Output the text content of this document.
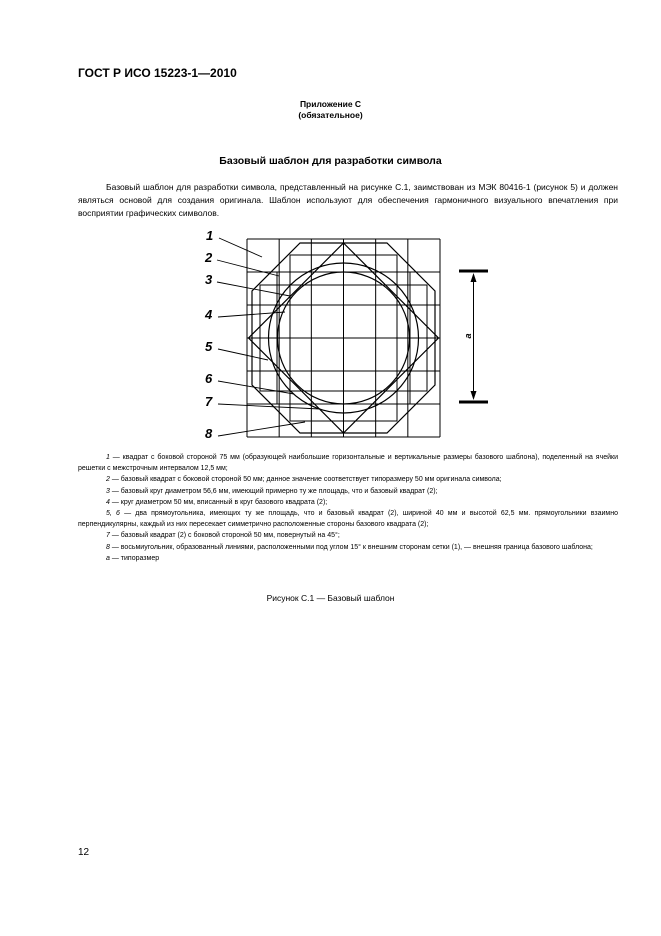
ГОСТ Р ИСО 15223-1—2010
Приложение С
(обязательное)
Базовый шаблон для разработки символа

Базовый шаблон для разработки символа, представленный на рисунке С.1, заимствован из МЭК 80416-1 (рисунок 5) и должен являться основой для создания оригинала. Шаблон используют для обеспечения гармоничного визуального впечатления при восприятии графических символов.

1
2
3
4
5
6
7
8
a

1 — квадрат с боковой стороной 75 мм (образующей наибольшие горизонтальные и вертикальные размеры базового шаблона), поделенный на ячейки решетки с межстрочным интервалом 12,5 мм;

2 — базовый квадрат с боковой стороной 50 мм; данное значение соответствует типоразмеру 50 мм оригинала символа;

3 — базовый круг диаметром 56,6 мм, имеющий примерно ту же площадь, что и базовый квадрат (2);

4 — круг диаметром 50 мм, вписанный в круг базового квадрата (2);

5, 6 — два прямоугольника, имеющих ту же площадь, что и базовый квадрат (2), шириной 40 мм и высотой 62,5 мм. прямоугольники взаимно перпендикулярны, каждый из них пересекает симметрично расположенные стороны базового квадрата (2);

7 — базовый квадрат (2) с боковой стороной 50 мм, повернутый на 45°;

8 — восьмиугольник, образованный линиями, расположенными под углом 15° к внешним сторонам сетки (1), — внешняя граница базового шаблона;

а — типоразмер

Рисунок С.1 — Базовый шаблон
12
